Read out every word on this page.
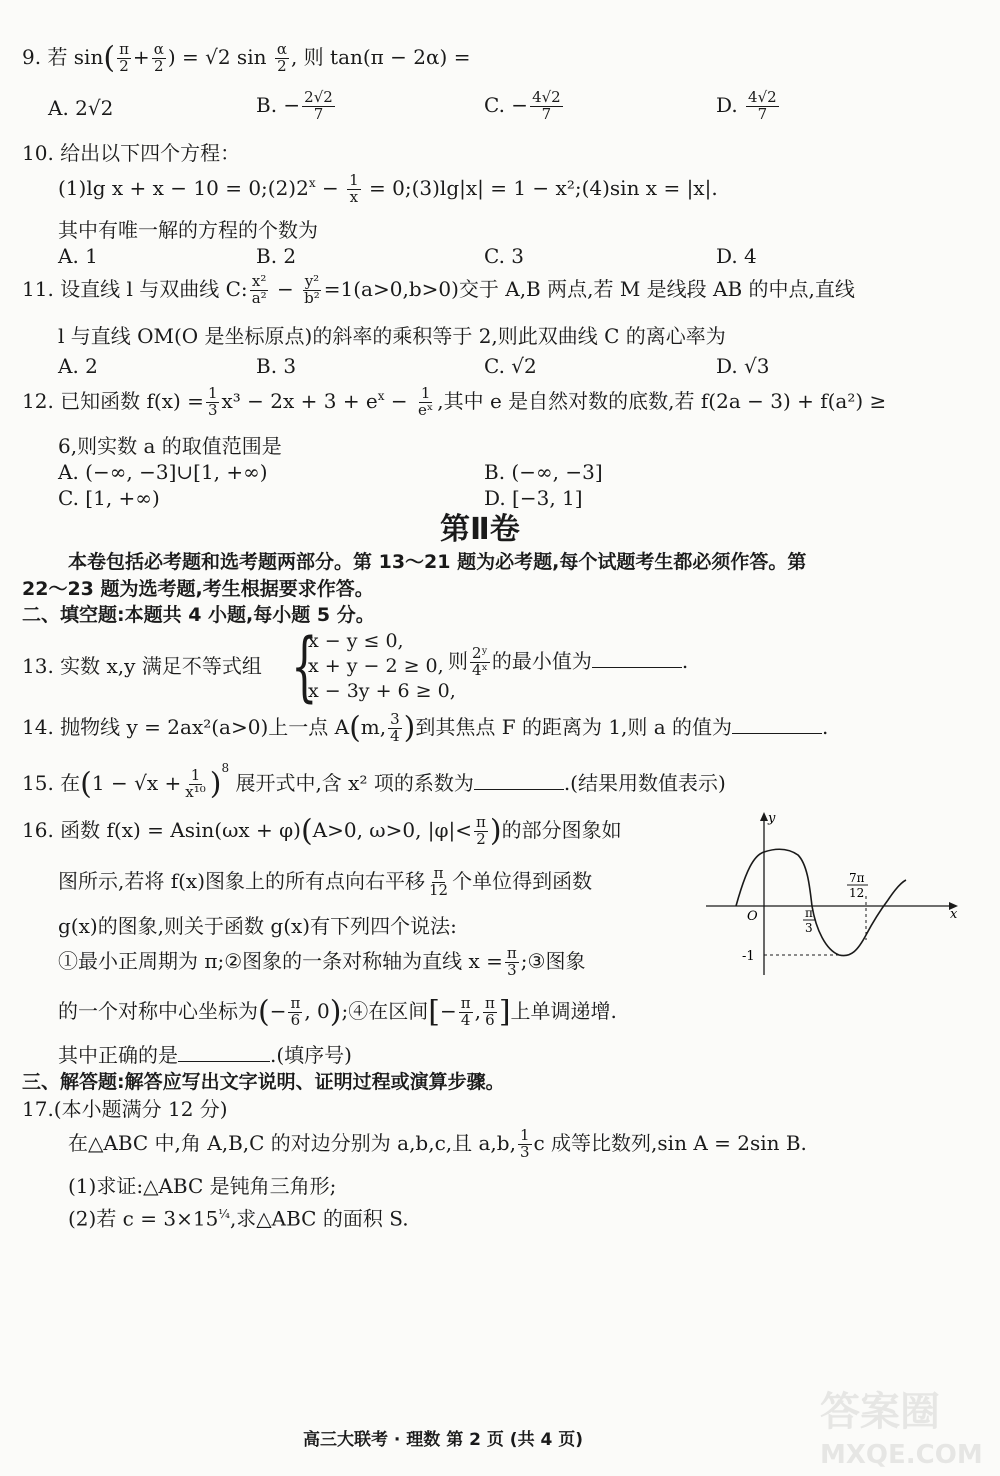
9. 若 $\sin( \frac{\pi}{2} + \frac{\alpha}{2}$ ) = √2 $\sin \frac{\alpha}{2}$ , 则 tan(π − 2α) =
A. 2√2	B. − $\frac{2√2}{7}$	C. − $\frac{4√2}{7}$	D. $\frac{4√2}{7}$
10. 给出以下四个方程：
(1)lg $x + x - 10 = 0;(2)2^x - \frac{1}{x}$ = 0;(3)lg|x| = 1 − x²;(4)sin x = |x|.
其中有唯一解的方程的个数为
A. 1	B. 2	C. 3	D. 4
11. 设直线 l 与双曲线 C: $\frac{\text{x²}}{\text{a²}} - \frac{\text{y²}}{\text{b²}} =1(a>0,b>0)$交于 A,B 两点,若 M 是线段 AB 的中点,直线
l 与直线 OM(O 是坐标原点)的斜率的乘积等于 2,则此双曲线 C 的离心率为
A. 2	B. 3	C. √2	D. √3
12. 已知函数 $f(x) = \frac{1}{3} x^3 - 2x + 3 + e^x - \frac{1}{\text{eˣ}}$ ,其中 e 是自然对数的底数,若 f(2a − 3) + f(a²) ≥
6,则实数 a 的取值范围是
A. (−∞, −3]∪[1, +∞)	B. (−∞, −3]
C. [1, +∞)	D. [−3, 1]
第Ⅱ卷
本卷包括必考题和选考题两部分。第 13～21 题为必考题,每个试题考生都必须作答。第
22～23 题为选考题,考生根据要求作答。
二、填空题:本题共 4 小题,每小题 5 分。
13. 实数 x,y 满足不等式组 {
x − y ≤ 0,
x + y − 2 ≥ 0,
x − 3y + 6 ≥ 0,
则 $\frac{\text{2ʸ}}{\text{4ˣ}}$ 的最小值为	.
14. 抛物线 y = 2ax²(a>0)上一点 A(m, $\frac{3}{4}$ )到其焦点 F 的距离为 1,则 a 的值为	.
15. 在$(1 - √x + \frac{1}{\text{x¹⁰}} )^8$ 展开式中,含 x² 项的系数为	.(结果用数值表示)
16. 函数 f(x) = Asin(ωx + φ)(A>0, ω>0, $|\varphi|< \frac{\pi}{2}$ )的部分图象如
图所示,若将 f(x)图象上的所有点向右平移 $\frac{\pi}{12}$ 个单位得到函数
g(x)的图象,则关于函数 g(x)有下列四个说法:
①最小正周期为 π;②图象的一条对称轴为直线 $x = \frac{\pi}{3}$ ;③图象
的一个对称中心坐标为(− $\frac{\pi}{6}$ , 0);④在区间[− $\frac{\pi}{4}$ , $\frac{\pi}{6}$ ]上单调递增.
其中正确的是	.(填序号)
y
x
O	π
3
7π
12
-1
三、解答题:解答应写出文字说明、证明过程或演算步骤。
17.(本小题满分 12 分)
在△ABC 中,角 A,B,C 的对边分别为 a,b,c,且 a,b, $\frac{1}{3}$ c 成等比数列,sin A = 2sin B.
(1)求证:△ABC 是钝角三角形;
(2)若 $c = 3\times 15^{\frac{1}{4}}$,求△ABC 的面积 S.
高三大联考 · 理数 第 2 页 (共 4 页)
答案圈
MXQE.COM
